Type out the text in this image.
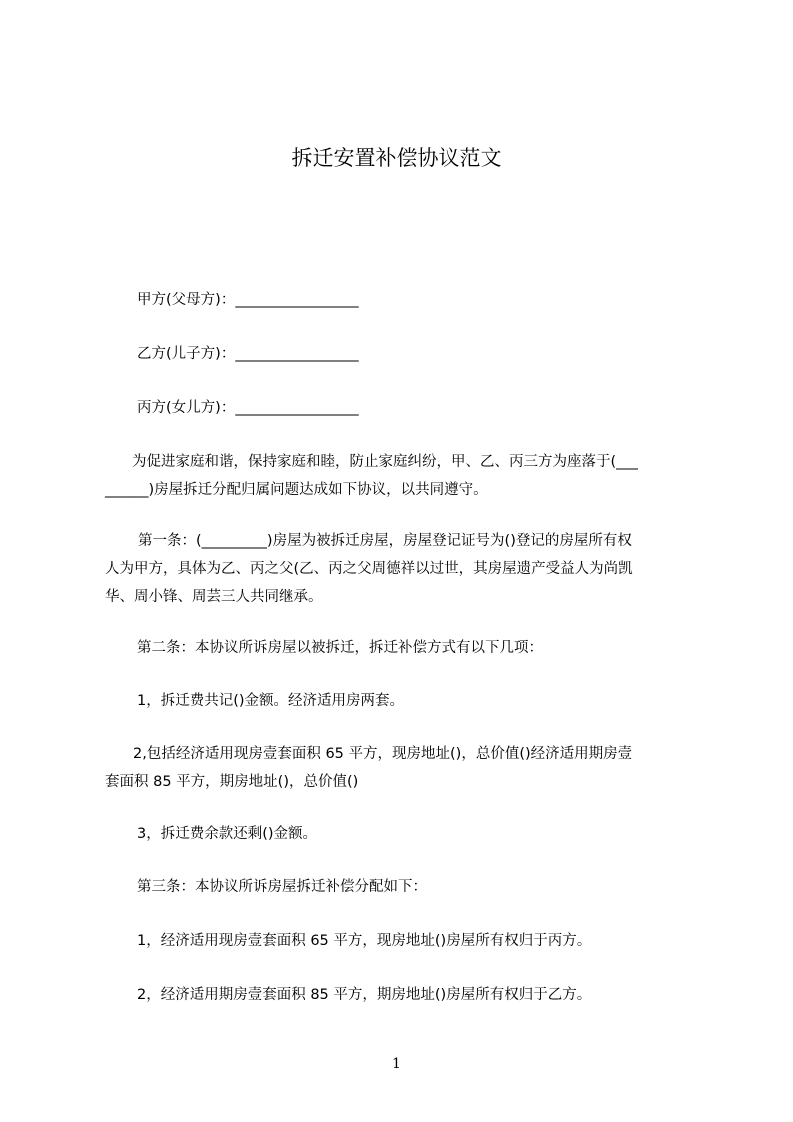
拆迁安置补偿协议范文
甲方(父母方)：_________________
乙方(儿子方)：_________________
丙方(女儿方)：_________________
为促进家庭和谐，保持家庭和睦，防止家庭纠纷，甲、乙、丙三方为座落于(___
______)房屋拆迁分配归属问题达成如下协议，以共同遵守。
第一条：(_________)房屋为被拆迁房屋，房屋登记证号为()登记的房屋所有权
人为甲方，具体为乙、丙之父(乙、丙之父周德祥以过世，其房屋遗产受益人为尚凯
华、周小锋、周芸三人共同继承。
第二条：本协议所诉房屋以被拆迁，拆迁补偿方式有以下几项：
1，拆迁费共记()金额。经济适用房两套。
2,包括经济适用现房壹套面积 65 平方，现房地址()，总价值()经济适用期房壹
套面积 85 平方，期房地址()，总价值()
3，拆迁费余款还剩()金额。
第三条：本协议所诉房屋拆迁补偿分配如下：
1，经济适用现房壹套面积 65 平方，现房地址()房屋所有权归于丙方。
2，经济适用期房壹套面积 85 平方，期房地址()房屋所有权归于乙方。
1
